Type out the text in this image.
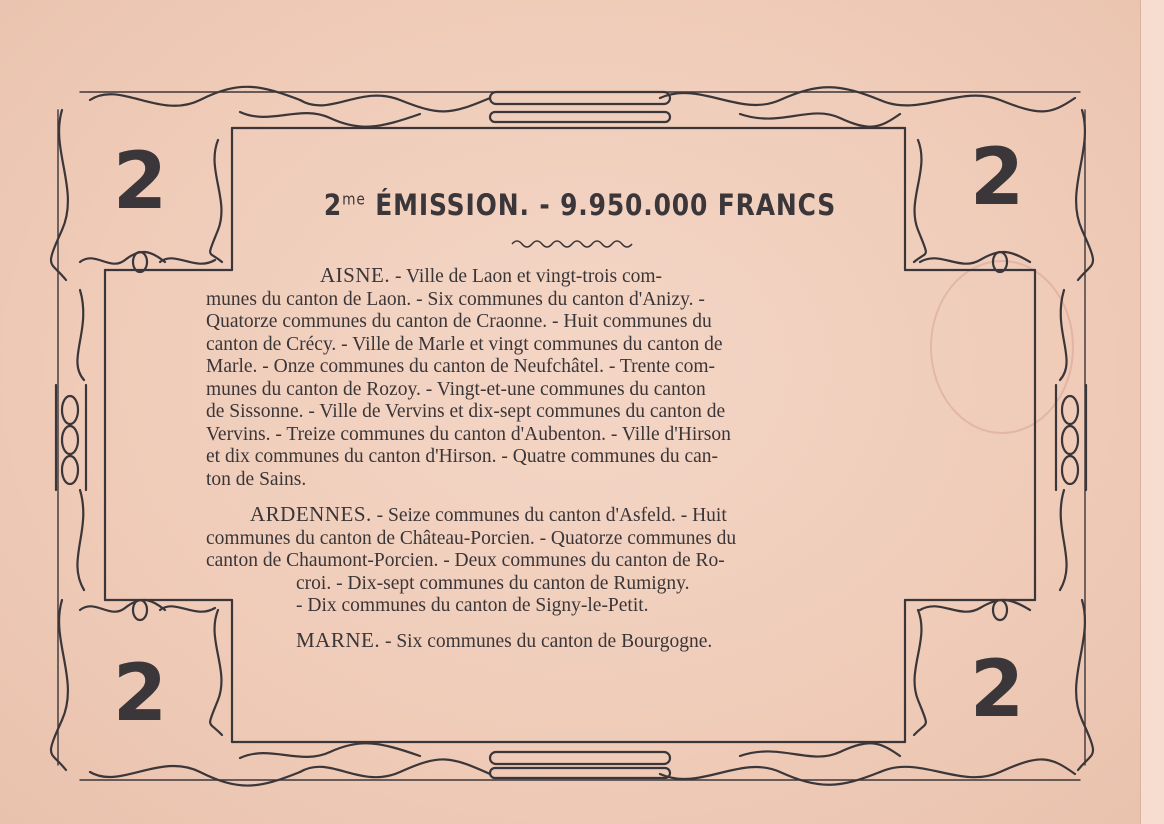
2	2
2	2
$2^{me}$ ÉMISSION. - 9.950.000 FRANCS
AISNE. - Ville de Laon et vingt-trois com-
munes du canton de Laon. - Six communes du canton d'Anizy. -
Quatorze communes du canton de Craonne. - Huit communes du
canton de Crécy. - Ville de Marle et vingt communes du canton de
Marle. - Onze communes du canton de Neufchâtel. - Trente com-
munes du canton de Rozoy. - Vingt-et-une communes du canton
de Sissonne. - Ville de Vervins et dix-sept communes du canton de
Vervins. - Treize communes du canton d'Aubenton. - Ville d'Hirson
et dix communes du canton d'Hirson. - Quatre communes du can-
ton de Sains.
ARDENNES. - Seize communes du canton d'Asfeld. - Huit
communes du canton de Château-Porcien. - Quatorze communes du
canton de Chaumont-Porcien. - Deux communes du canton de Ro-
croi. - Dix-sept communes du canton de Rumigny.
- Dix communes du canton de Signy-le-Petit.
MARNE. - Six communes du canton de Bourgogne.
